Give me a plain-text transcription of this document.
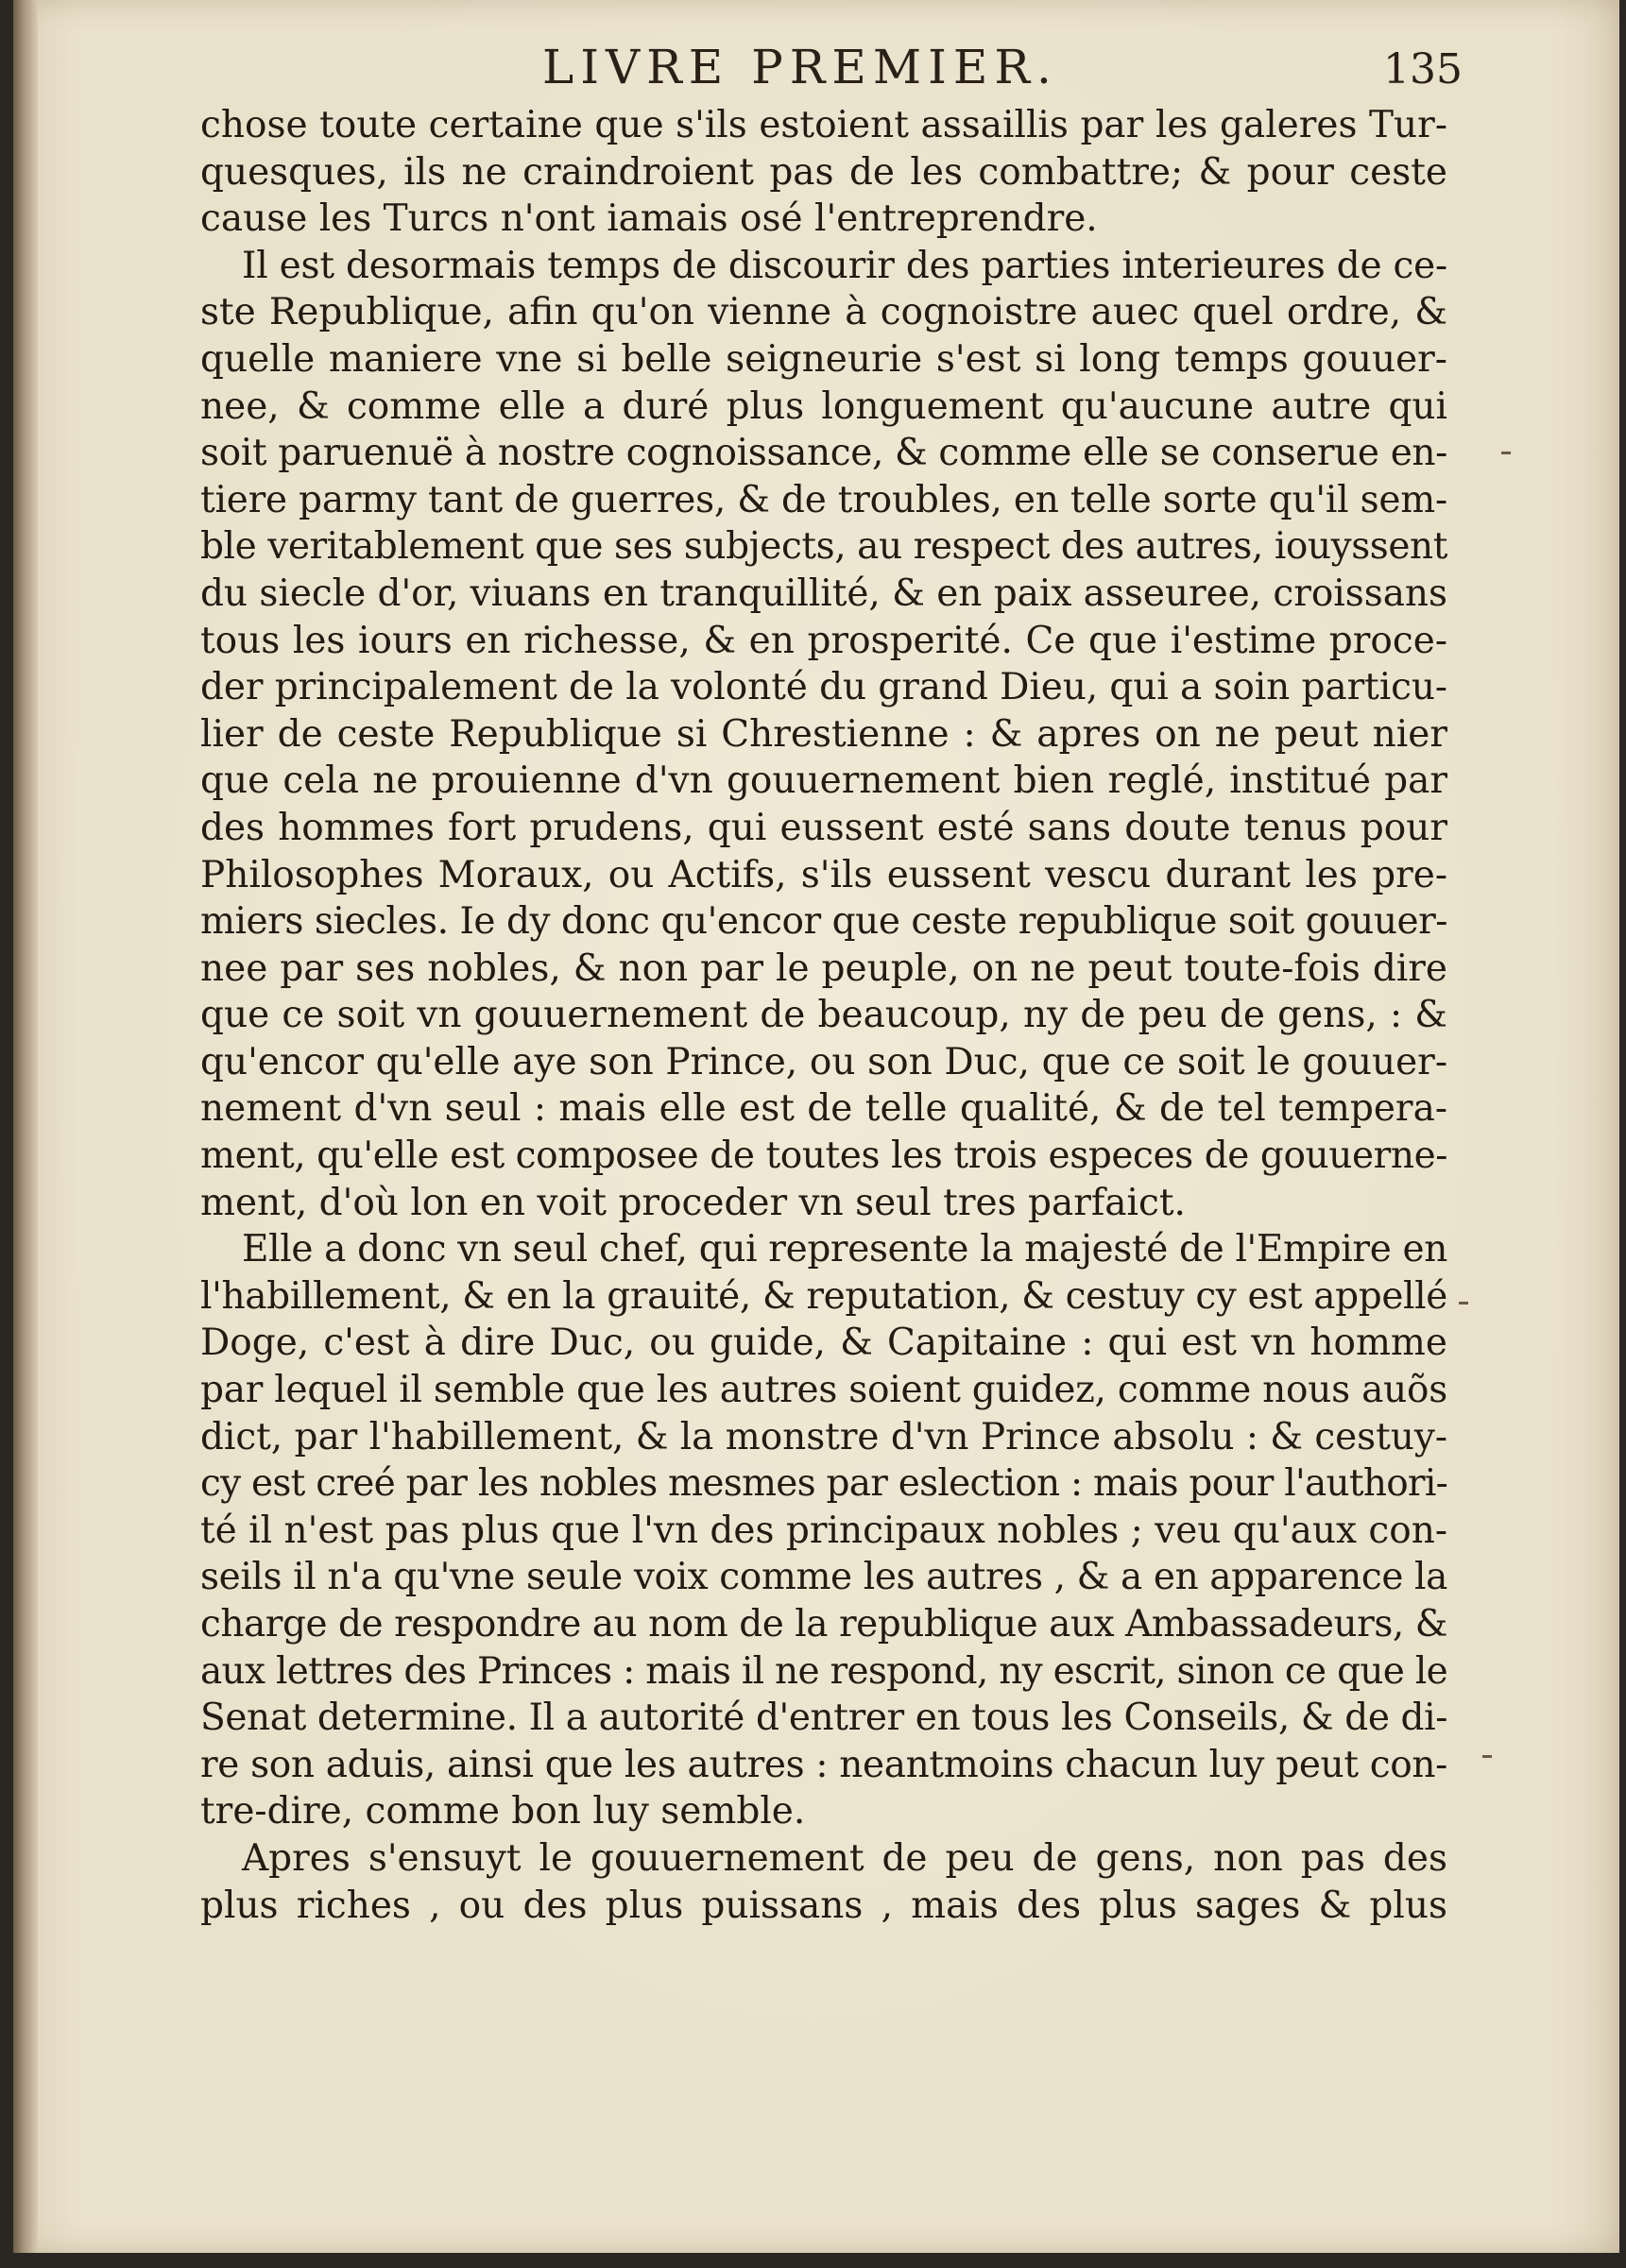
LIVRE PREMIER.	135
chose toute certaine que s'ils estoient assaillis par les galeres Tur-
quesques, ils ne craindroient pas de les combattre; & pour ceste
cause les Turcs n'ont iamais osé l'entreprendre.
Il est desormais temps de discourir des parties interieures de ce-
ste Republique, afin qu'on vienne à cognoistre auec quel ordre, &
quelle maniere vne si belle seigneurie s'est si long temps gouuer-
nee, & comme elle a duré plus longuement qu'aucune autre qui
soit paruenuë à nostre cognoissance, & comme elle se conserue en-
tiere parmy tant de guerres, & de troubles, en telle sorte qu'il sem-
ble veritablement que ses subjects, au respect des autres, iouyssent
du siecle d'or, viuans en tranquillité, & en paix asseuree, croissans
tous les iours en richesse, & en prosperité. Ce que i'estime proce-
der principalement de la volonté du grand Dieu, qui a soin particu-
lier de ceste Republique si Chrestienne : & apres on ne peut nier
que cela ne prouienne d'vn gouuernement bien reglé, institué par
des hommes fort prudens, qui eussent esté sans doute tenus pour
Philosophes Moraux, ou Actifs, s'ils eussent vescu durant les pre-
miers siecles. Ie dy donc qu'encor que ceste republique soit gouuer-
nee par ses nobles, & non par le peuple, on ne peut toute-fois dire
que ce soit vn gouuernement de beaucoup, ny de peu de gens, : &
qu'encor qu'elle aye son Prince, ou son Duc, que ce soit le gouuer-
nement d'vn seul : mais elle est de telle qualité, & de tel tempera-
ment, qu'elle est composee de toutes les trois especes de gouuerne-
ment, d'où lon en voit proceder vn seul tres parfaict.
Elle a donc vn seul chef, qui represente la majesté de l'Empire en
l'habillement, & en la grauité, & reputation, & cestuy cy est appellé
Doge, c'est à dire Duc, ou guide, & Capitaine : qui est vn homme
par lequel il semble que les autres soient guidez, comme nous auõs
dict, par l'habillement, & la monstre d'vn Prince absolu : & cestuy-
cy est creé par les nobles mesmes par eslection : mais pour l'authori-
té il n'est pas plus que l'vn des principaux nobles ; veu qu'aux con-
seils il n'a qu'vne seule voix comme les autres , & a en apparence la
charge de respondre au nom de la republique aux Ambassadeurs, &
aux lettres des Princes : mais il ne respond, ny escrit, sinon ce que le
Senat determine. Il a autorité d'entrer en tous les Conseils, & de di-
re son aduis, ainsi que les autres : neantmoins chacun luy peut con-
tre-dire, comme bon luy semble.
Apres s'ensuyt le gouuernement de peu de gens, non pas des
plus riches , ou des plus puissans , mais des plus sages & plus
